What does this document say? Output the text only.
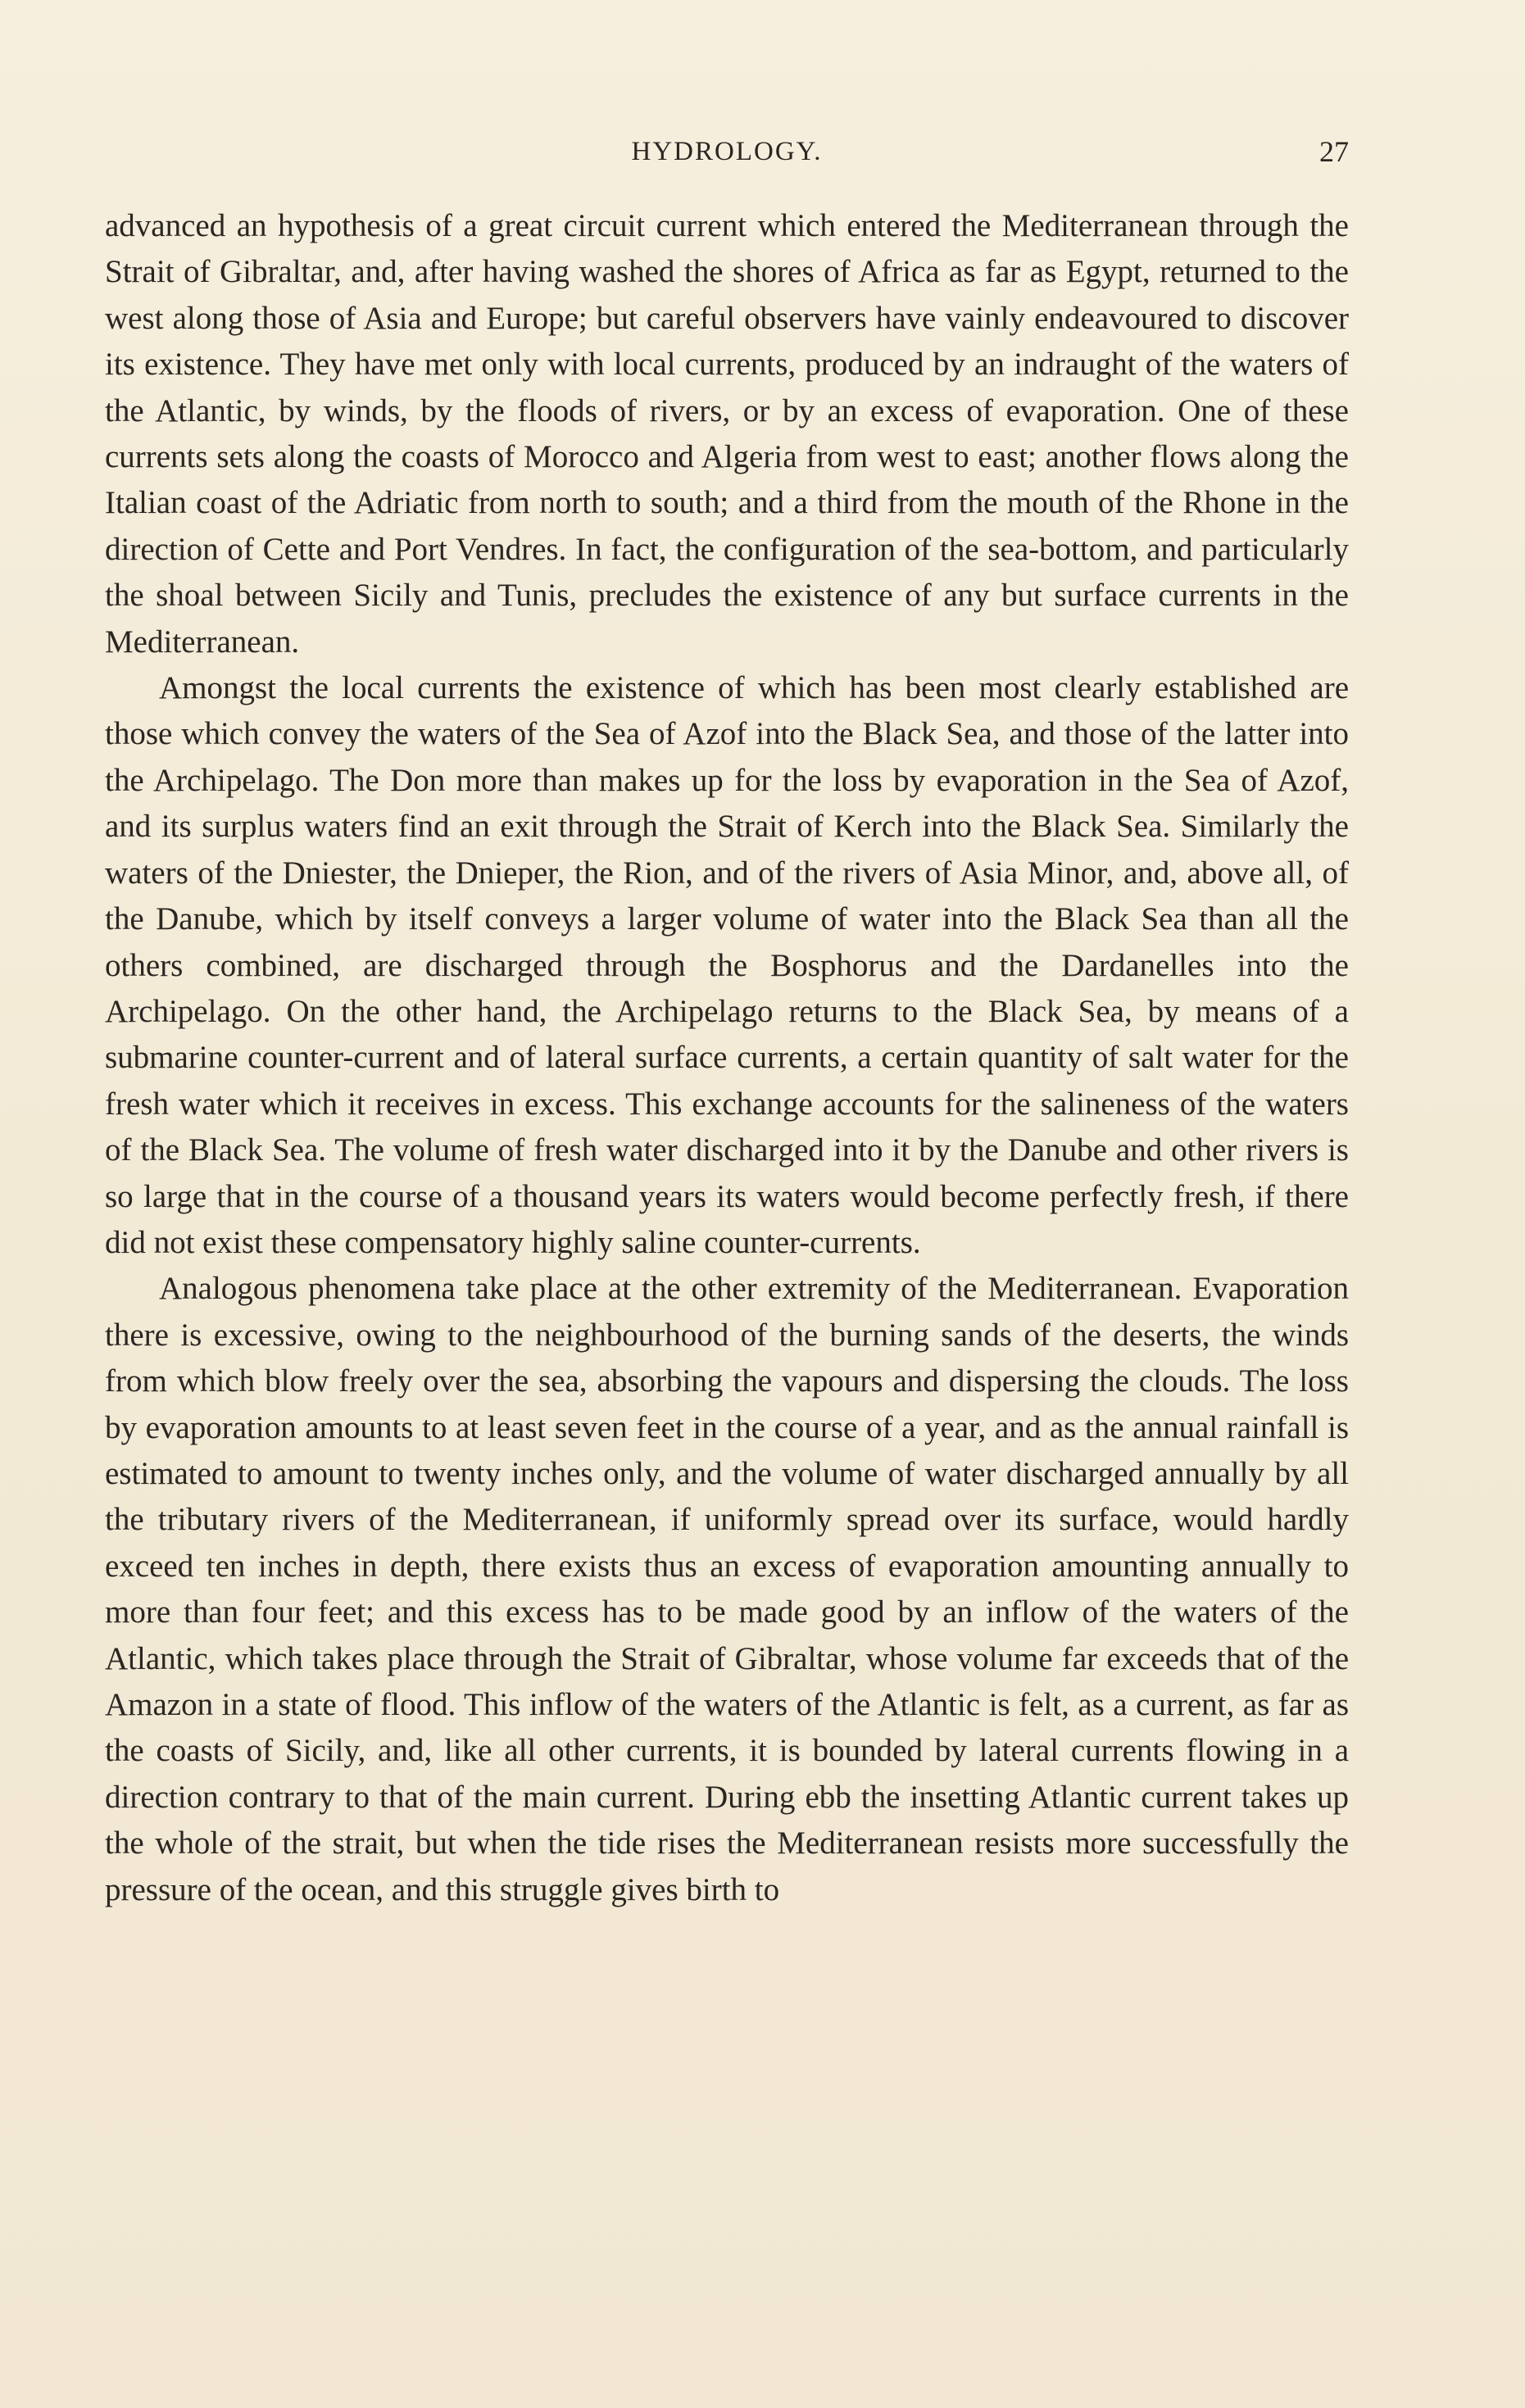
HYDROLOGY.	27

advanced an hypothesis of a great circuit current which entered the Mediterranean through the Strait of Gibraltar, and, after having washed the shores of Africa as far as Egypt, returned to the west along those of Asia and Europe; but careful observers have vainly endeavoured to discover its existence. They have met only with local currents, produced by an indraught of the waters of the Atlantic, by winds, by the floods of rivers, or by an excess of evaporation. One of these currents sets along the coasts of Morocco and Algeria from west to east; another flows along the Italian coast of the Adriatic from north to south; and a third from the mouth of the Rhone in the direction of Cette and Port Vendres. In fact, the configuration of the sea-bottom, and particularly the shoal between Sicily and Tunis, precludes the existence of any but surface currents in the Mediterranean.

Amongst the local currents the existence of which has been most clearly established are those which convey the waters of the Sea of Azof into the Black Sea, and those of the latter into the Archipelago. The Don more than makes up for the loss by evaporation in the Sea of Azof, and its surplus waters find an exit through the Strait of Kerch into the Black Sea. Similarly the waters of the Dniester, the Dnieper, the Rion, and of the rivers of Asia Minor, and, above all, of the Danube, which by itself conveys a larger volume of water into the Black Sea than all the others combined, are discharged through the Bosphorus and the Dardanelles into the Archipelago. On the other hand, the Archipelago returns to the Black Sea, by means of a submarine counter-current and of lateral surface currents, a certain quantity of salt water for the fresh water which it receives in excess. This exchange accounts for the salineness of the waters of the Black Sea. The volume of fresh water discharged into it by the Danube and other rivers is so large that in the course of a thousand years its waters would become perfectly fresh, if there did not exist these compensatory highly saline counter-currents.

Analogous phenomena take place at the other extremity of the Mediterranean. Evaporation there is excessive, owing to the neighbourhood of the burning sands of the deserts, the winds from which blow freely over the sea, absorbing the vapours and dispersing the clouds. The loss by evaporation amounts to at least seven feet in the course of a year, and as the annual rainfall is estimated to amount to twenty inches only, and the volume of water discharged annually by all the tributary rivers of the Mediterranean, if uniformly spread over its surface, would hardly exceed ten inches in depth, there exists thus an excess of evaporation amounting annually to more than four feet; and this excess has to be made good by an inflow of the waters of the Atlantic, which takes place through the Strait of Gibraltar, whose volume far exceeds that of the Amazon in a state of flood. This inflow of the waters of the Atlantic is felt, as a current, as far as the coasts of Sicily, and, like all other currents, it is bounded by lateral currents flowing in a direction contrary to that of the main current. During ebb the insetting Atlantic current takes up the whole of the strait, but when the tide rises the Mediterranean resists more successfully the pressure of the ocean, and this struggle gives birth to
